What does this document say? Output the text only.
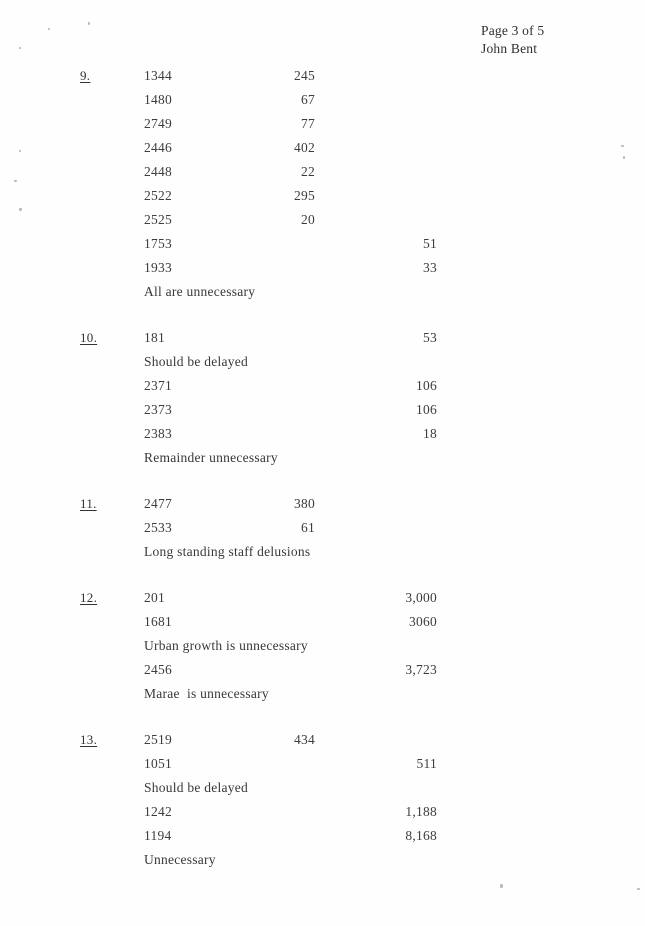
Page 3 of 5
John Bent
9.	1344	245
1480	67
2749	77
2446	402
2448	22
2522	295
2525	20
1753	51
1933	33
All are unnecessary
10.	181	53
Should be delayed
2371	106
2373	106
2383	18
Remainder unnecessary
11.	2477	380
2533	61
Long standing staff delusions
12.	201	3,000
1681	3060
Urban growth is unnecessary
2456	3,723
Marae  is unnecessary
13.	2519	434
1051	511
Should be delayed
1242	1,188
1194	8,168
Unnecessary
